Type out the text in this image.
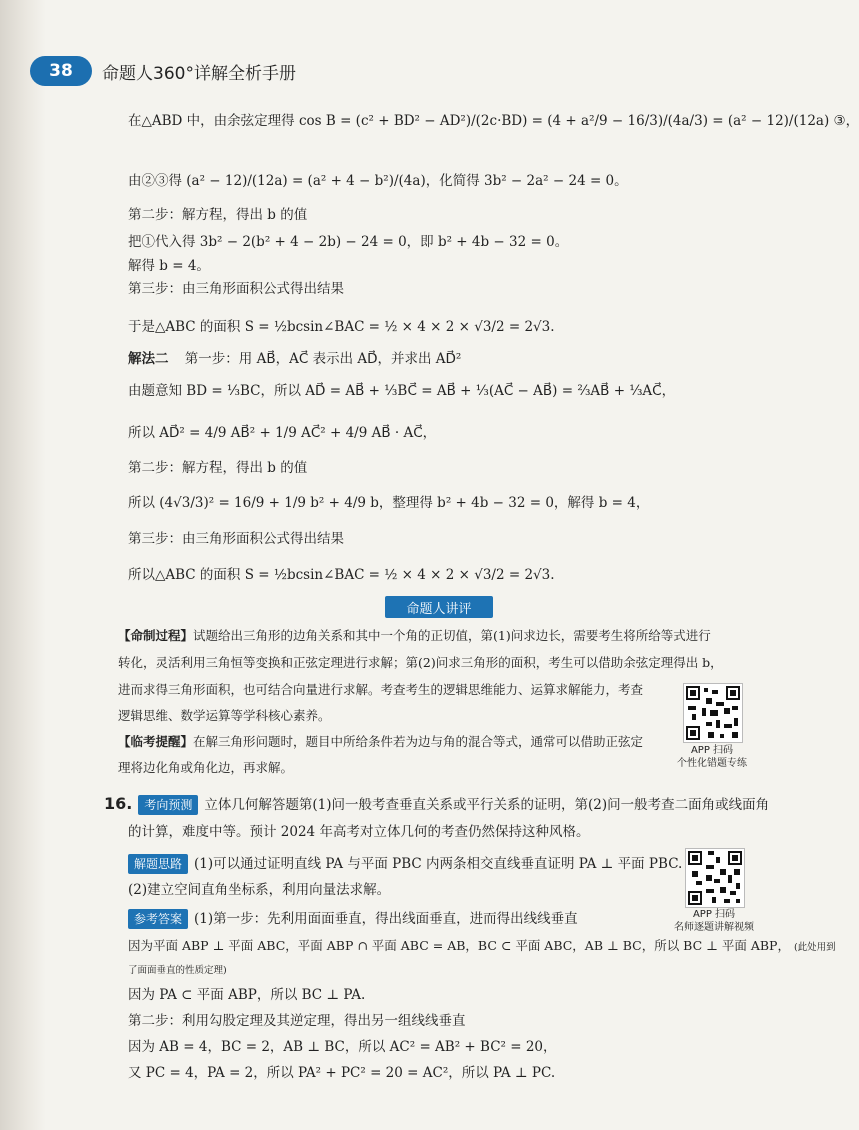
38	命题人360°详解全析手册
在△ABD 中，由余弦定理得 cos B = (c² + BD² − AD²)/(2c·BD) = (4 + a²/9 − 16/3)/(4a/3) = (a² − 12)/(12a) ③，
由②③得 (a² − 12)/(12a) = (a² + 4 − b²)/(4a)，化简得 3b² − 2a² − 24 = 0。
第二步：解方程，得出 b 的值
把①代入得 3b² − 2(b² + 4 − 2b) − 24 = 0，即 b² + 4b − 32 = 0。
解得 b = 4。
第三步：由三角形面积公式得出结果
于是△ABC 的面积 S = ½bcsin∠BAC = ½ × 4 × 2 × √3/2 = 2√3.
解法二 第一步：用 AB⃗，AC⃗ 表示出 AD⃗，并求出 AD⃗²
由题意知 BD = ⅓BC，所以 AD⃗ = AB⃗ + ⅓BC⃗ = AB⃗ + ⅓(AC⃗ − AB⃗) = ⅔AB⃗ + ⅓AC⃗，
所以 AD⃗² = 4/9 AB⃗² + 1/9 AC⃗² + 4/9 AB⃗ · AC⃗，
第二步：解方程，得出 b 的值
所以 (4√3/3)² = 16/9 + 1/9 b² + 4/9 b，整理得 b² + 4b − 32 = 0，解得 b = 4，
第三步：由三角形面积公式得出结果
所以△ABC 的面积 S = ½bcsin∠BAC = ½ × 4 × 2 × √3/2 = 2√3.
命题人讲评
【命制过程】试题给出三角形的边角关系和其中一个角的正切值，第(1)问求边长，需要考生将所给等式进行
转化，灵活利用三角恒等变换和正弦定理进行求解；第(2)问求三角形的面积，考生可以借助余弦定理得出 b，
进而求得三角形面积，也可结合向量进行求解。考查考生的逻辑思维能力、运算求解能力，考查
逻辑思维、数学运算等学科核心素养。
【临考提醒】在解三角形问题时，题目中所给条件若为边与角的混合等式，通常可以借助正弦定
理将边化角或角化边，再求解。
APP 扫码
个性化错题专练
16. 考向预测 立体几何解答题第(1)问一般考查垂直关系或平行关系的证明，第(2)问一般考查二面角或线面角
的计算，难度中等。预计 2024 年高考对立体几何的考查仍然保持这种风格。
解题思路 (1)可以通过证明直线 PA 与平面 PBC 内两条相交直线垂直证明 PA ⊥ 平面 PBC.
(2)建立空间直角坐标系，利用向量法求解。
参考答案 (1)第一步：先利用面面垂直，得出线面垂直，进而得出线线垂直
因为平面 ABP ⊥ 平面 ABC，平面 ABP ∩ 平面 ABC = AB，BC ⊂ 平面 ABC，AB ⊥ BC，所以 BC ⊥ 平面 ABP， (此处用到
了面面垂直的性质定理)
因为 PA ⊂ 平面 ABP，所以 BC ⊥ PA.
第二步：利用勾股定理及其逆定理，得出另一组线线垂直
因为 AB = 4，BC = 2，AB ⊥ BC，所以 AC² = AB² + BC² = 20，
又 PC = 4，PA = 2，所以 PA² + PC² = 20 = AC²，所以 PA ⊥ PC.
APP 扫码
名师逐题讲解视频
